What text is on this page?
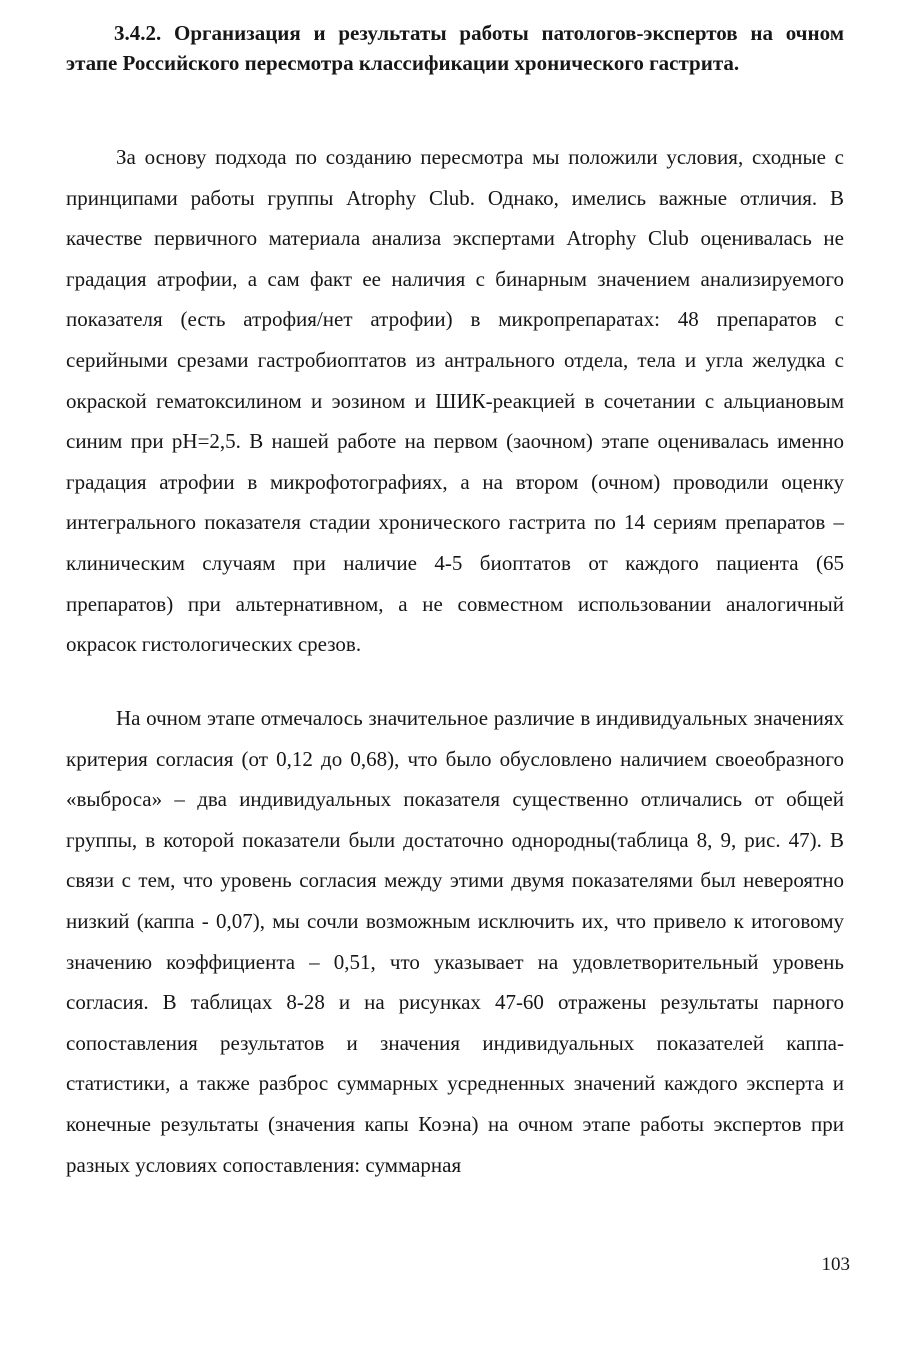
3.4.2. Организация и результаты работы патологов-экспертов на очном этапе Российского пересмотра классификации хронического гастрита.

За основу подхода по созданию пересмотра мы положили условия, сходные с принципами работы группы Atrophy Club. Однако, имелись важные отличия. В качестве первичного материала анализа экспертами Atrophy Club оценивалась не градация атрофии, а сам факт ее наличия с бинарным значением анализируемого показателя (есть атрофия/нет атрофии) в микропрепаратах: 48 препаратов с серийными срезами гастробиоптатов из антрального отдела, тела и угла желудка с окраской гематоксилином и эозином и ШИК-реакцией в сочетании с альциановым синим при pH=2,5. В нашей работе на первом (заочном) этапе оценивалась именно градация атрофии в микрофотографиях, а на втором (очном) проводили оценку интегрального показателя стадии хронического гастрита по 14 сериям препаратов – клиническим случаям при наличие 4-5 биоптатов от каждого пациента (65 препаратов) при альтернативном, а не совместном использовании аналогичный окрасок гистологических срезов.

На очном этапе отмечалось значительное различие в индивидуальных значениях критерия согласия (от 0,12 до 0,68), что было обусловлено наличием своеобразного «выброса» – два индивидуальных показателя существенно отличались от общей группы, в которой показатели были достаточно однородны(таблица 8, 9, рис. 47). В связи с тем, что уровень согласия между этими двумя показателями был невероятно низкий (каппа - 0,07), мы сочли возможным исключить их, что привело к итоговому значению коэффициента – 0,51, что указывает на удовлетворительный уровень согласия. В таблицах 8-28 и на рисунках 47-60 отражены результаты парного сопоставления результатов и значения индивидуальных показателей каппа-статистики, а также разброс суммарных усредненных значений каждого эксперта и конечные результаты (значения капы Коэна) на очном этапе работы экспертов при разных условиях сопоставления: суммарная

103
